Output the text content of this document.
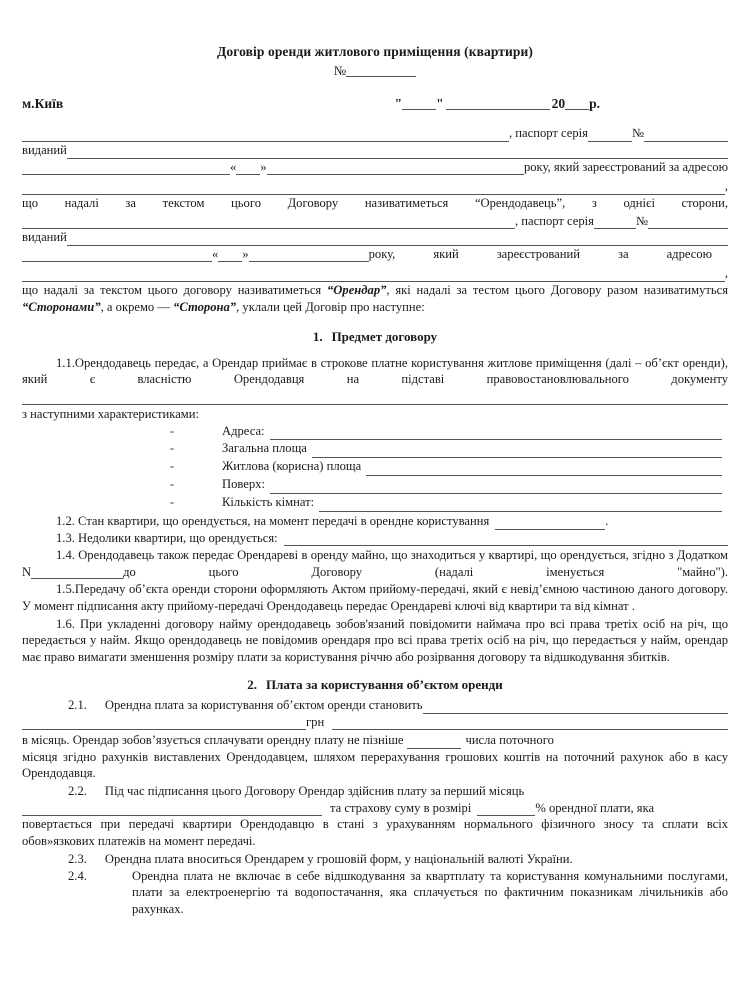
Договір оренди житлового приміщення (квартири)
№
м.Київ	"	"	20 р.
, паспорт серія	№
виданий
« »	року, який зареєстрований за адресою
,

що надалі за текстом цього Договору називатиметься “Орендодавець”, з однієі сторони,

, паспорт серія	№
виданий
« »	року,	який	зареєстрований	за	адресою
,

що надалі за текстом цього договору називатиметься “Орендар”, які надалі за тестом цього Договору разом називатимуться “Сторонами”, а окремо — “Сторона”, уклали цей Договір про наступне:

1. Предмет договору

1.1.Орендодавець передає, а Орендар приймає в строкове платне користування житлове приміщення (далі – об’єкт оренди), який є власністю Орендодавця на підставі правовостановлювального документу

з наступними характеристиками:

-	Адреса:
-	Загальна площа
-	Житлова (корисна) площа
-	Поверх:
-	Кількість кімнат:
1.2. Стан квартири, що орендується, на момент передачі в орендне користування	.
1.3. Недолики квартири, що орендується:

1.4. Орендодавець також передає Орендареві в оренду майно, що знаходиться у квартирі, що орендується, згідно з Додатком N	до цього Договору (надалі іменується "майно").

1.5.Передачу об’єкта оренди сторони оформляють Актом прийому-передачі, який є невід’ємною частиною даного договору. У момент підписання акту прийому-передачі Орендодавець передає Орендареві ключі від квартири та від кімнат .

1.6. При укладенні договору найму орендодавець зобов'язаний повідомити наймача про всі права третіх осіб на річ, що передається у найм. Якщо орендодавець не повідомив орендаря про всі права третіх осіб на річ, що передається у найм, орендар має право вимагати зменшення розміру плати за користування річчю або розірвання договору та відшкодування збитків.

2. Плата за користування об’єктом оренди
2.1. Орендна плата за користування об’єктом оренди становить
грн
в місяць. Орендар зобов’язується сплачувати орендну плату не пізніше	числа поточного

місяця згідно рахунків виставлених Орендодавцем, шляхом перерахування грошових коштів на поточний рахунок або в касу Орендодавця.

2.2. Під час підписання цього Договору Орендар здійснив плату за перший місяць
та страхову суму в розмірі	% орендної плати, яка

повертається при передачі квартири Орендодавцю в стані з урахуванням нормального фізичного зносу та сплати всіх обов»язкових платежів на момент передачі.

2.3. Орендна плата вноситься Орендарем у грошовій форм, у національній валюті України.
2.4.	Орендна плата не включає в себе відшкодування за квартплату та користування комунальними послугами, плати за електроенергію та водопостачання, яка сплачується по фактичним показникам лічильників або рахунках.
